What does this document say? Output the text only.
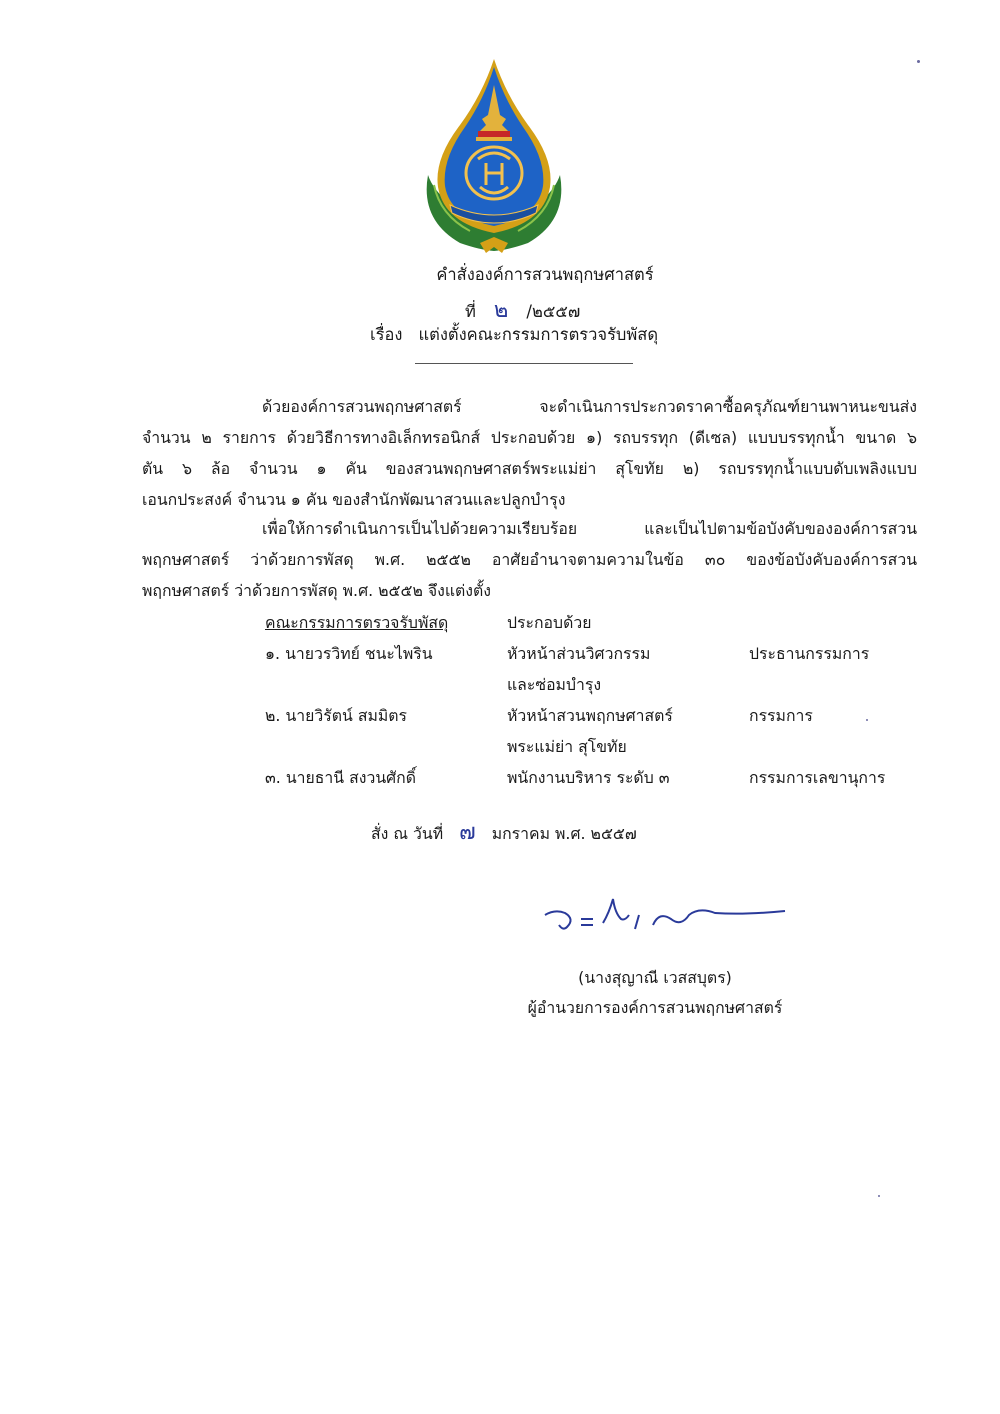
คำสั่งองค์การสวนพฤกษศาสตร์
ที่ ๒ /๒๕๕๗
เรื่อง แต่งตั้งคณะกรรมการตรวจรับพัสดุ
ด้วยองค์การสวนพฤกษศาสตร์ จะดำเนินการประกวดราคาซื้อครุภัณฑ์ยานพาหนะขนส่ง
จำนวน ๒ รายการ ด้วยวิธีการทางอิเล็กทรอนิกส์ ประกอบด้วย ๑) รถบรรทุก (ดีเซล) แบบบรรทุกน้ำ ขนาด ๖
ตัน ๖ ล้อ จำนวน ๑ คัน ของสวนพฤกษศาสตร์พระแม่ย่า สุโขทัย ๒) รถบรรทุกน้ำแบบดับเพลิงแบบ
เอนกประสงค์ จำนวน ๑ คัน ของสำนักพัฒนาสวนและปลูกบำรุง
เพื่อให้การดำเนินการเป็นไปด้วยความเรียบร้อย และเป็นไปตามข้อบังคับขององค์การสวน
พฤกษศาสตร์ ว่าด้วยการพัสดุ พ.ศ. ๒๕๕๒ อาศัยอำนาจตามความในข้อ ๓๐ ของข้อบังคับองค์การสวน
พฤกษศาสตร์ ว่าด้วยการพัสดุ พ.ศ. ๒๕๕๒ จึงแต่งตั้ง
คณะกรรมการตรวจรับพัสดุ	ประกอบด้วย
๑. นายวรวิทย์ ชนะไพริน	หัวหน้าส่วนวิศวกรรม	ประธานกรรมการ
และซ่อมบำรุง
๒. นายวิรัตน์ สมมิตร	หัวหน้าสวนพฤกษศาสตร์	กรรมการ
พระแม่ย่า สุโขทัย
๓. นายธานี สงวนศักดิ์	พนักงานบริหาร ระดับ ๓	กรรมการเลขานุการ
สั่ง ณ วันที่ ๗ มกราคม พ.ศ. ๒๕๕๗
(นางสุญาณี เวสสบุตร)
ผู้อำนวยการองค์การสวนพฤกษศาสตร์
